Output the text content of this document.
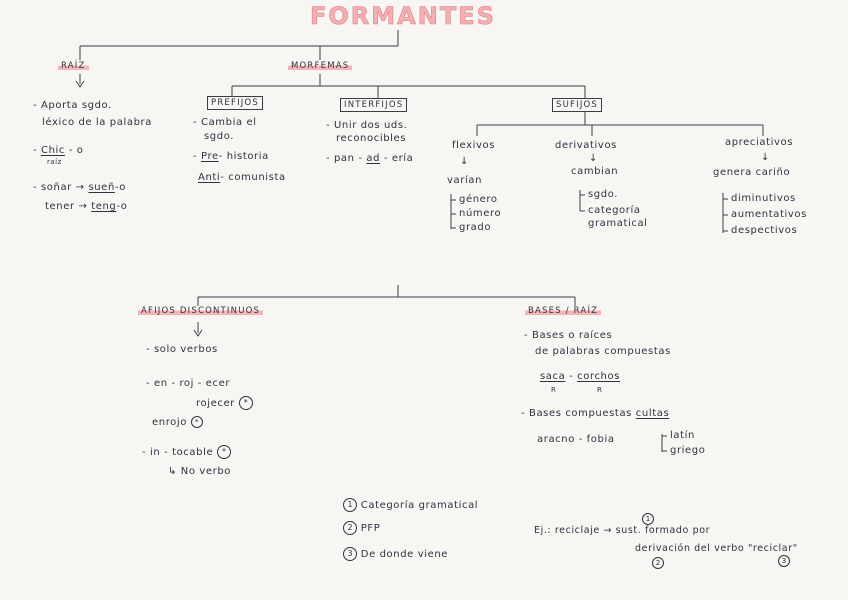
FORMANTES
RAÍZ
- Aporta sgdo.
léxico de la palabra
- Chic - o
raíz
- soñar → sueñ-o
tener → teng-o
MORFEMAS
PREFIJOS
- Cambia el
sgdo.
- Pre- historia
Anti- comunista
INTERFIJOS
- Unir dos uds.
reconocibles
- pan - ad - ería
SUFIJOS
flexivos
↓
varían
género
número
grado
derivativos
↓
cambian
sgdo.
categoría
gramatical
apreciativos
↓
genera cariño
diminutivos
aumentativos
despectivos
AFIJOS DISCONTINUOS
- solo verbos
- en - roj - ecer
rojecer *
enrojo *
- in - tocable *
↳ No verbo
BASES / RAÍZ
- Bases o raíces
de palabras compuestas
saca - corchos
R	R
- Bases compuestas cultas
aracno - fobia	latín
griego
1 Categoría gramatical
2 PFP
3 De donde viene
1
Ej.: reciclaje → sust. formado por
derivación del verbo "reciclar"
2	3
